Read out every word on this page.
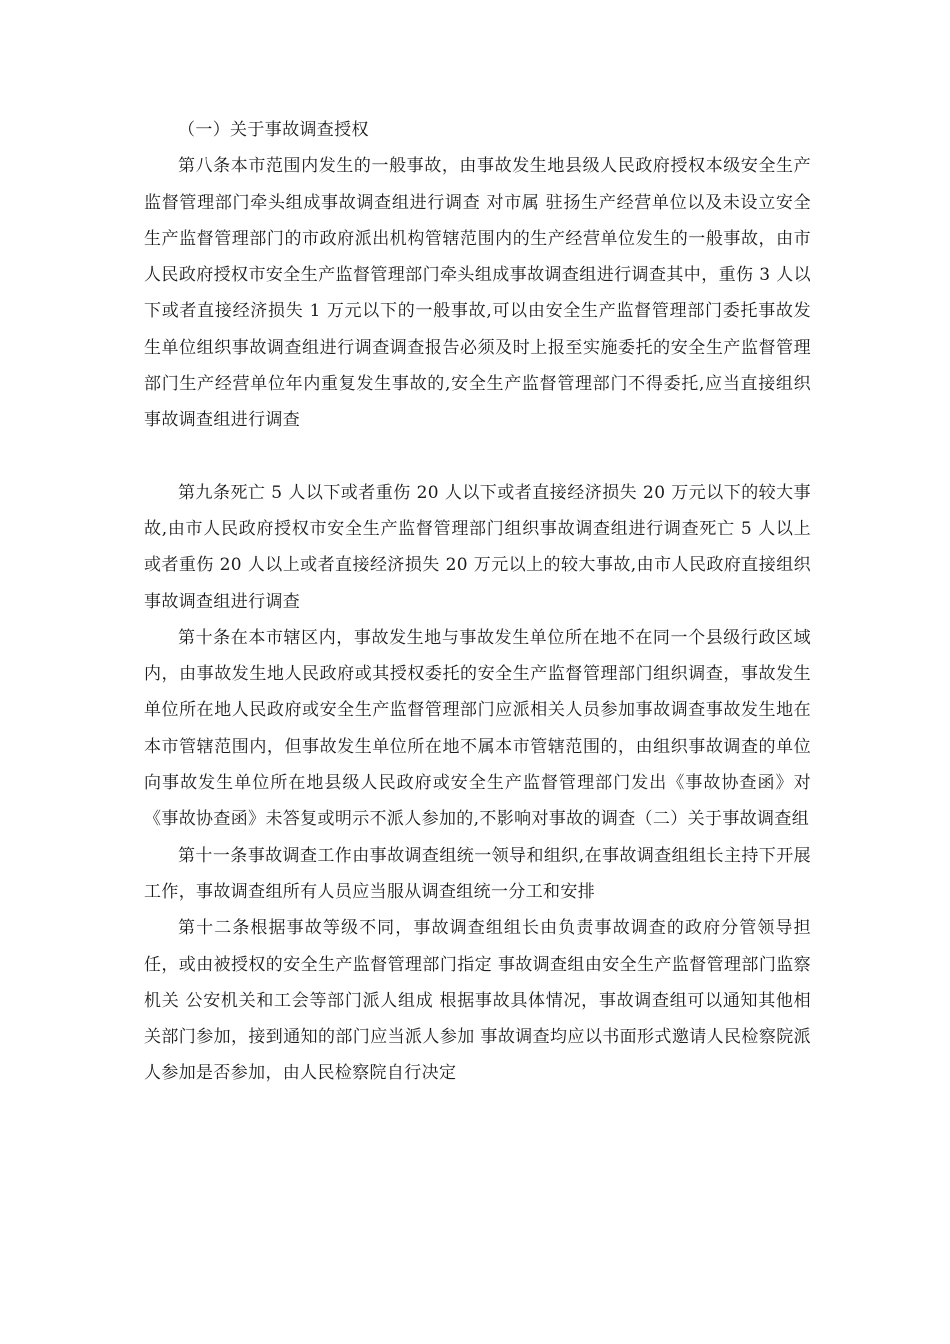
（一）关于事故调查授权

第八条本市范围内发生的一般事故，由事故发生地县级人民政府授权本级安全生产监督管理部门牵头组成事故调查组进行调查 对市属 驻扬生产经营单位以及未设立安全生产监督管理部门的市政府派出机构管辖范围内的生产经营单位发生的一般事故，由市人民政府授权市安全生产监督管理部门牵头组成事故调查组进行调查其中，重伤 3 人以下或者直接经济损失 1 万元以下的一般事故,可以由安全生产监督管理部门委托事故发生单位组织事故调查组进行调查调查报告必须及时上报至实施委托的安全生产监督管理部门生产经营单位年内重复发生事故的,安全生产监督管理部门不得委托,应当直接组织事故调查组进行调查

第九条死亡 5 人以下或者重伤 20 人以下或者直接经济损失 20 万元以下的较大事故,由市人民政府授权市安全生产监督管理部门组织事故调查组进行调查死亡 5 人以上或者重伤 20 人以上或者直接经济损失 20 万元以上的较大事故,由市人民政府直接组织事故调查组进行调查

第十条在本市辖区内，事故发生地与事故发生单位所在地不在同一个县级行政区域内，由事故发生地人民政府或其授权委托的安全生产监督管理部门组织调查，事故发生单位所在地人民政府或安全生产监督管理部门应派相关人员参加事故调查事故发生地在本市管辖范围内，但事故发生单位所在地不属本市管辖范围的，由组织事故调查的单位向事故发生单位所在地县级人民政府或安全生产监督管理部门发出《事故协查函》对《事故协查函》未答复或明示不派人参加的,不影响对事故的调查（二）关于事故调查组

第十一条事故调查工作由事故调查组统一领导和组织,在事故调查组组长主持下开展工作，事故调查组所有人员应当服从调查组统一分工和安排

第十二条根据事故等级不同，事故调查组组长由负责事故调查的政府分管领导担任，或由被授权的安全生产监督管理部门指定 事故调查组由安全生产监督管理部门监察机关 公安机关和工会等部门派人组成 根据事故具体情况，事故调查组可以通知其他相关部门参加，接到通知的部门应当派人参加 事故调查均应以书面形式邀请人民检察院派人参加是否参加，由人民检察院自行决定
